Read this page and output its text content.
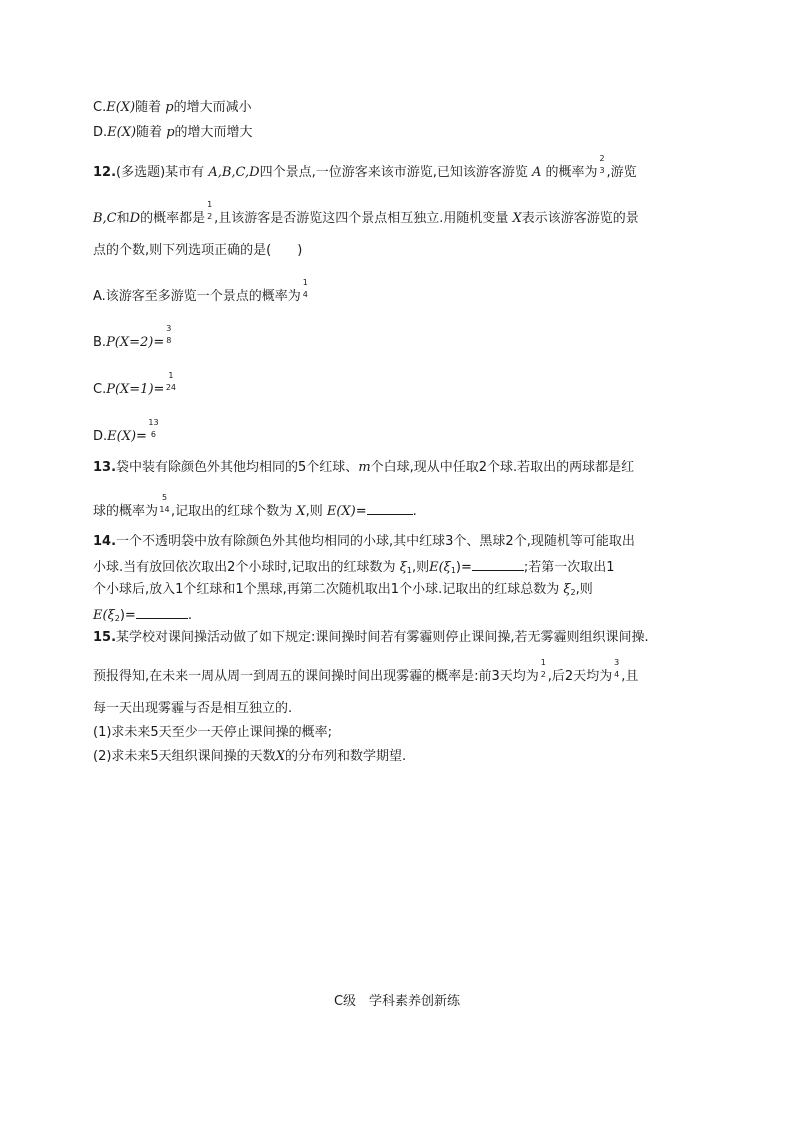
C.E(X)随着 p的增大而减小
D.E(X)随着 p的增大而增大
12.(多选题)某市有 A,B,C,D四个景点,一位游客来该市游览,已知该游客游览 A 的概率为
2
3 ,游览
B,C和D的概率都是
1
2 ,且该游客是否游览这四个景点相互独立.用随机变量 X表示该游客游览的景
点的个数,则下列选项正确的是(　　)
A.该游客至多游览一个景点的概率为
1
4
B.P(X=2)=
3
8
C.P(X=1)=
1
24
D.E(X)=
13
6
13.袋中装有除颜色外其他均相同的5个红球、m个白球,现从中任取2个球.若取出的两球都是红
球的概率为
5
14 ,记取出的红球个数为 X,则 E(X)=	.
14.一个不透明袋中放有除颜色外其他均相同的小球,其中红球3个、黑球2个,现随机等可能取出
小球.当有放回依次取出2个小球时,记取出的红球数为 $\xi_1$,则$E(\xi_1)=$	;若第一次取出1
个小球后,放入1个红球和1个黑球,再第二次随机取出1个小球.记取出的红球总数为 $\xi_2$,则
$E(\xi_2)=$	.
15.某学校对课间操活动做了如下规定:课间操时间若有雾霾则停止课间操,若无雾霾则组织课间操.
预报得知,在未来一周从周一到周五的课间操时间出现雾霾的概率是:前3天均为
1
2 ,后2天均为
3
4 ,且
每一天出现雾霾与否是相互独立的.
(1)求未来5天至少一天停止课间操的概率;
(2)求未来5天组织课间操的天数X的分布列和数学期望.
C级　学科素养创新练
